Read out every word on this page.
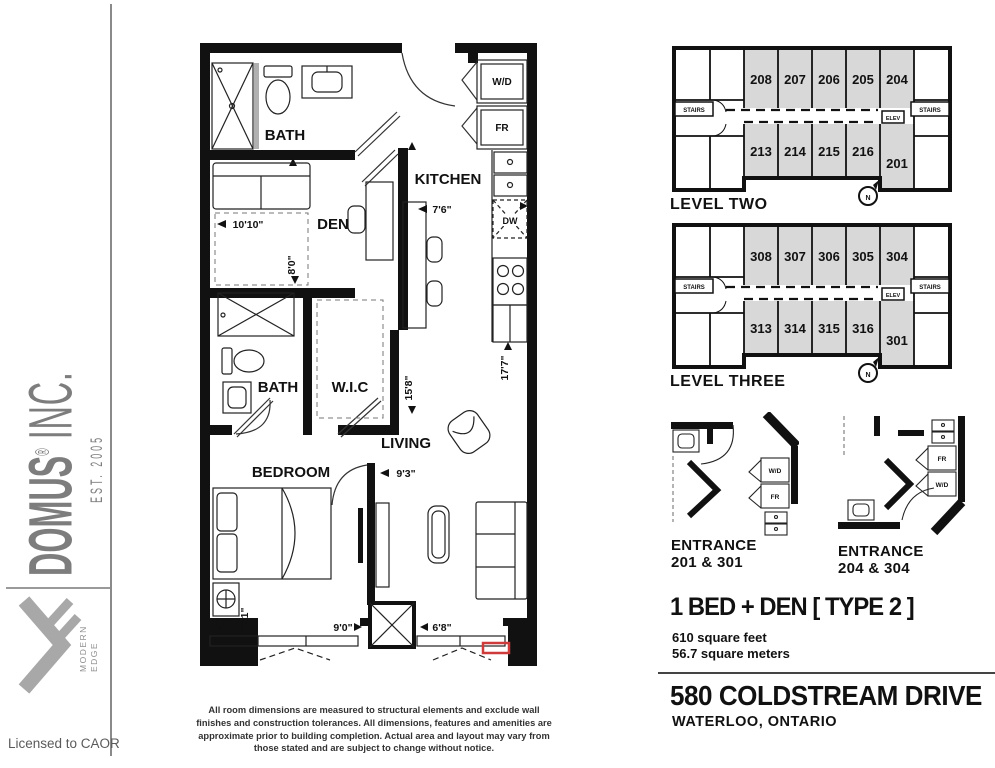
DOMUS® INC.
EST. 2005
MODERN EDGE
Licensed to CAOR
BATH
DEN
KITCHEN
BATH W.I.C
LIVING
BEDROOM
W/D
FR
DW
10'10"
8'0"
7'6"
17'7"
15'8"
9'3"
12'1"	9'0"	6'8"
STAIRS	STAIRS
ELEV
208 207 206 205 204
213 214 215 216
201
N
LEVEL TWO
STAIRS	STAIRS
ELEV
308 307 306 305 304
313 314 315 316
301
N
LEVEL THREE
W/D
FR
ENTRANCE
201 & 301
FR
W/D
ENTRANCE
204 & 304
1 BED + DEN [ TYPE 2 ]
610 square feet
56.7 square meters
580 COLDSTREAM DRIVE
WATERLOO, ONTARIO
All room dimensions are measured to structural elements and exclude wall finishes and construction tolerances. All dimensions, features and amenities are approximate prior to building completion. Actual area and layout may vary from those stated and are subject to change without notice.
